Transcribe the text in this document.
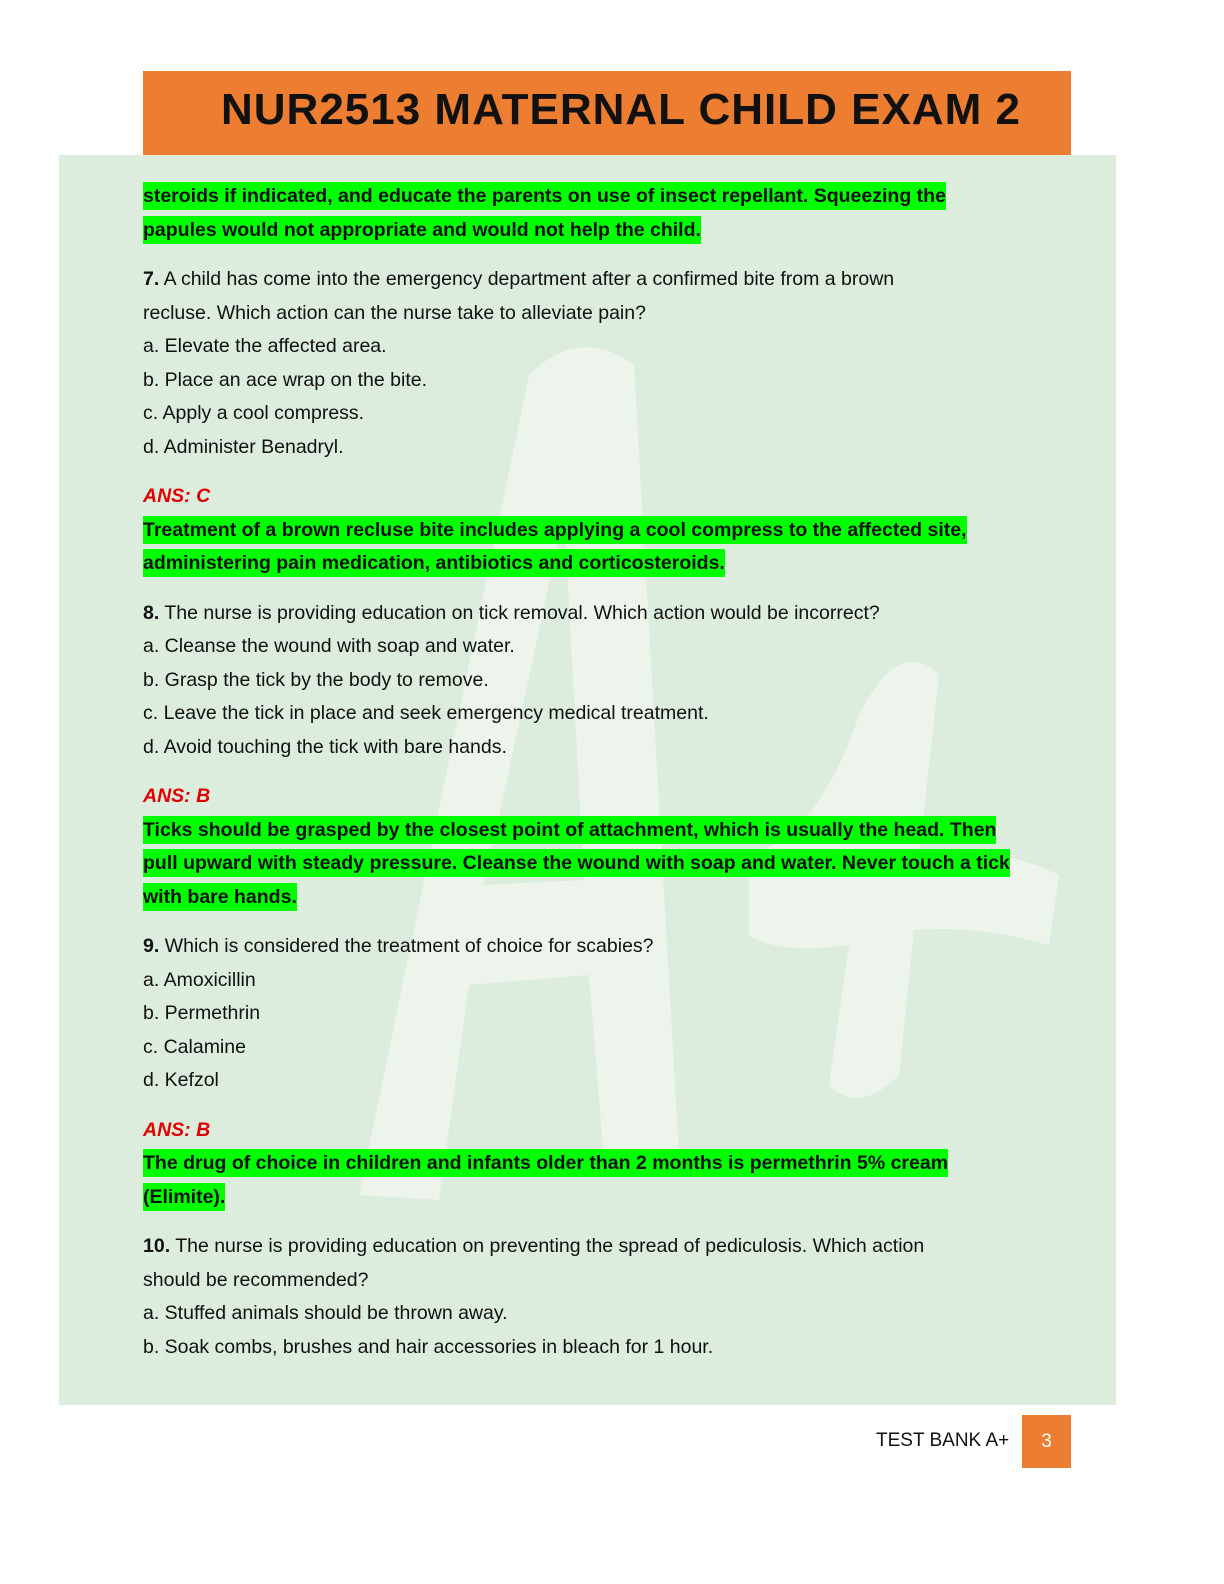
NUR2513 MATERNAL CHILD EXAM 2
steroids if indicated, and educate the parents on use of insect repellant. Squeezing the
papules would not appropriate and would not help the child.
7. A child has come into the emergency department after a confirmed bite from a brown
recluse. Which action can the nurse take to alleviate pain?
a. Elevate the affected area.
b. Place an ace wrap on the bite.
c. Apply a cool compress.
d. Administer Benadryl.
ANS: C
Treatment of a brown recluse bite includes applying a cool compress to the affected site,
administering pain medication, antibiotics and corticosteroids.
8. The nurse is providing education on tick removal. Which action would be incorrect?
a. Cleanse the wound with soap and water.
b. Grasp the tick by the body to remove.
c. Leave the tick in place and seek emergency medical treatment.
d. Avoid touching the tick with bare hands.
ANS: B
Ticks should be grasped by the closest point of attachment, which is usually the head. Then
pull upward with steady pressure. Cleanse the wound with soap and water. Never touch a tick
with bare hands.
9. Which is considered the treatment of choice for scabies?
a. Amoxicillin
b. Permethrin
c. Calamine
d. Kefzol
ANS: B
The drug of choice in children and infants older than 2 months is permethrin 5% cream
(Elimite).
10. The nurse is providing education on preventing the spread of pediculosis. Which action
should be recommended?
a. Stuffed animals should be thrown away.
b. Soak combs, brushes and hair accessories in bleach for 1 hour.
TEST BANK A+	3
